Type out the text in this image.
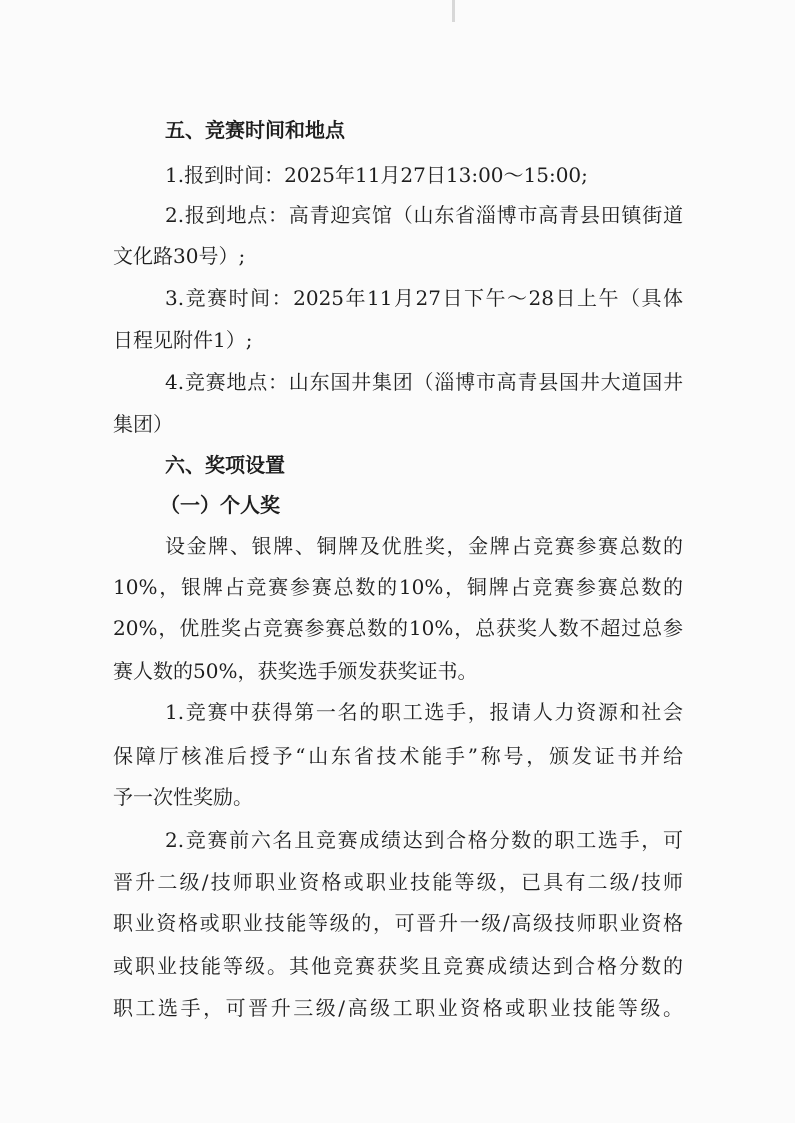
五、竞赛时间和地点
1.报到时间：2025年11月27日13:00～15:00;
2.报到地点：高青迎宾馆（山东省淄博市高青县田镇街道
文化路30号）;
3.竞赛时间：2025年11月27日下午～28日上午（具体
日程见附件1）;
4.竞赛地点：山东国井集团（淄博市高青县国井大道国井
集团）
六、奖项设置
（一）个人奖
设金牌、银牌、铜牌及优胜奖，金牌占竞赛参赛总数的
10%，银牌占竞赛参赛总数的10%，铜牌占竞赛参赛总数的
20%，优胜奖占竞赛参赛总数的10%，总获奖人数不超过总参
赛人数的50%，获奖选手颁发获奖证书。
1.竞赛中获得第一名的职工选手，报请人力资源和社会
保障厅核准后授予“山东省技术能手”称号，颁发证书并给
予一次性奖励。
2.竞赛前六名且竞赛成绩达到合格分数的职工选手，可
晋升二级/技师职业资格或职业技能等级，已具有二级/技师
职业资格或职业技能等级的，可晋升一级/高级技师职业资格
或职业技能等级。其他竞赛获奖且竞赛成绩达到合格分数的
职工选手，可晋升三级/高级工职业资格或职业技能等级。
